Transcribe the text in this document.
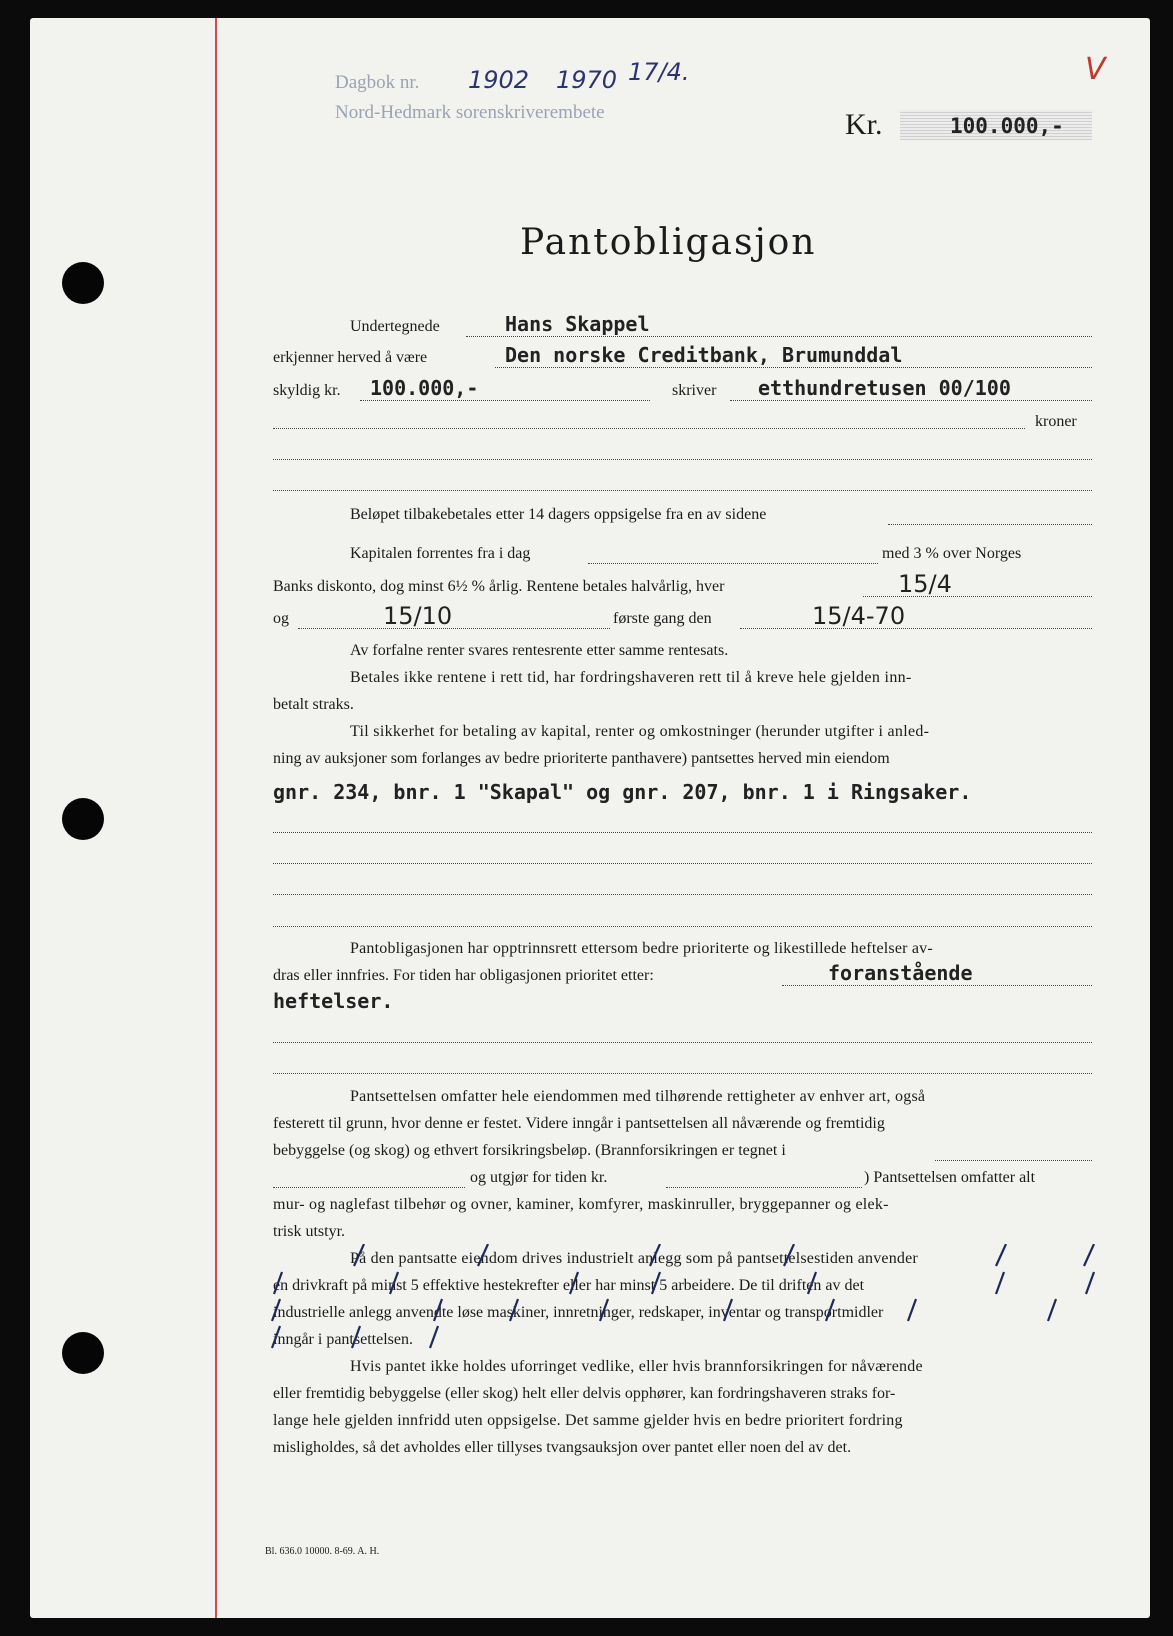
Dagbok nr. 1902 1970 17/4.
Nord-Hedmark sorenskriverembete
V
Kr.	100.000,-
Pantobligasjon
Undertegnede	Hans Skappel
erkjenner herved å være	Den norske Creditbank, Brumunddal
skyldig kr. 100.000,-	skriver etthundretusen 00/100
kroner
Beløpet tilbakebetales etter 14 dagers oppsigelse fra en av sidene
Kapitalen forrentes fra i dag	med 3 % over Norges
Banks diskonto, dog minst 6½ % årlig. Rentene betales halvårlig, hver	15/4
og	15/10	første gang den	15/4-70
Av forfalne renter svares rentesrente etter samme rentesats.
Betales ikke rentene i rett tid, har fordringshaveren rett til å kreve hele gjelden inn-
betalt straks.
Til sikkerhet for betaling av kapital, renter og omkostninger (herunder utgifter i anled-
ning av auksjoner som forlanges av bedre prioriterte panthavere) pantsettes herved min eiendom
gnr. 234, bnr. 1 "Skapal" og gnr. 207, bnr. 1 i Ringsaker.
Pantobligasjonen har opptrinnsrett ettersom bedre prioriterte og likestillede heftelser av-
dras eller innfries. For tiden har obligasjonen prioritet etter:	foranstående
heftelser.
Pantsettelsen omfatter hele eiendommen med tilhørende rettigheter av enhver art, også
festerett til grunn, hvor denne er festet. Videre inngår i pantsettelsen all nåværende og fremtidig
bebyggelse (og skog) og ethvert forsikringsbeløp. (Brannforsikringen er tegnet i
og utgjør for tiden kr.	) Pantsettelsen omfatter alt
mur- og naglefast tilbehør og ovner, kaminer, komfyrer, maskinruller, bryggepanner og elek-
trisk utstyr.
På den pantsatte eiendom drives industrielt anlegg som på pantsettelsestiden anvender
en drivkraft på minst 5 effektive hestekrefter eller har minst 5 arbeidere. De til driften av det
industrielle anlegg anvendte løse maskiner, innretninger, redskaper, inventar og transportmidler
inngår i pantsettelsen.
Hvis pantet ikke holdes uforringet vedlike, eller hvis brannforsikringen for nåværende
eller fremtidig bebyggelse (eller skog) helt eller delvis opphører, kan fordringshaveren straks for-
lange hele gjelden innfridd uten oppsigelse. Det samme gjelder hvis en bedre prioritert fordring
misligholdes, så det avholdes eller tillyses tvangsauksjon over pantet eller noen del av det.
Bl. 636.0 10000. 8-69. A. H.
